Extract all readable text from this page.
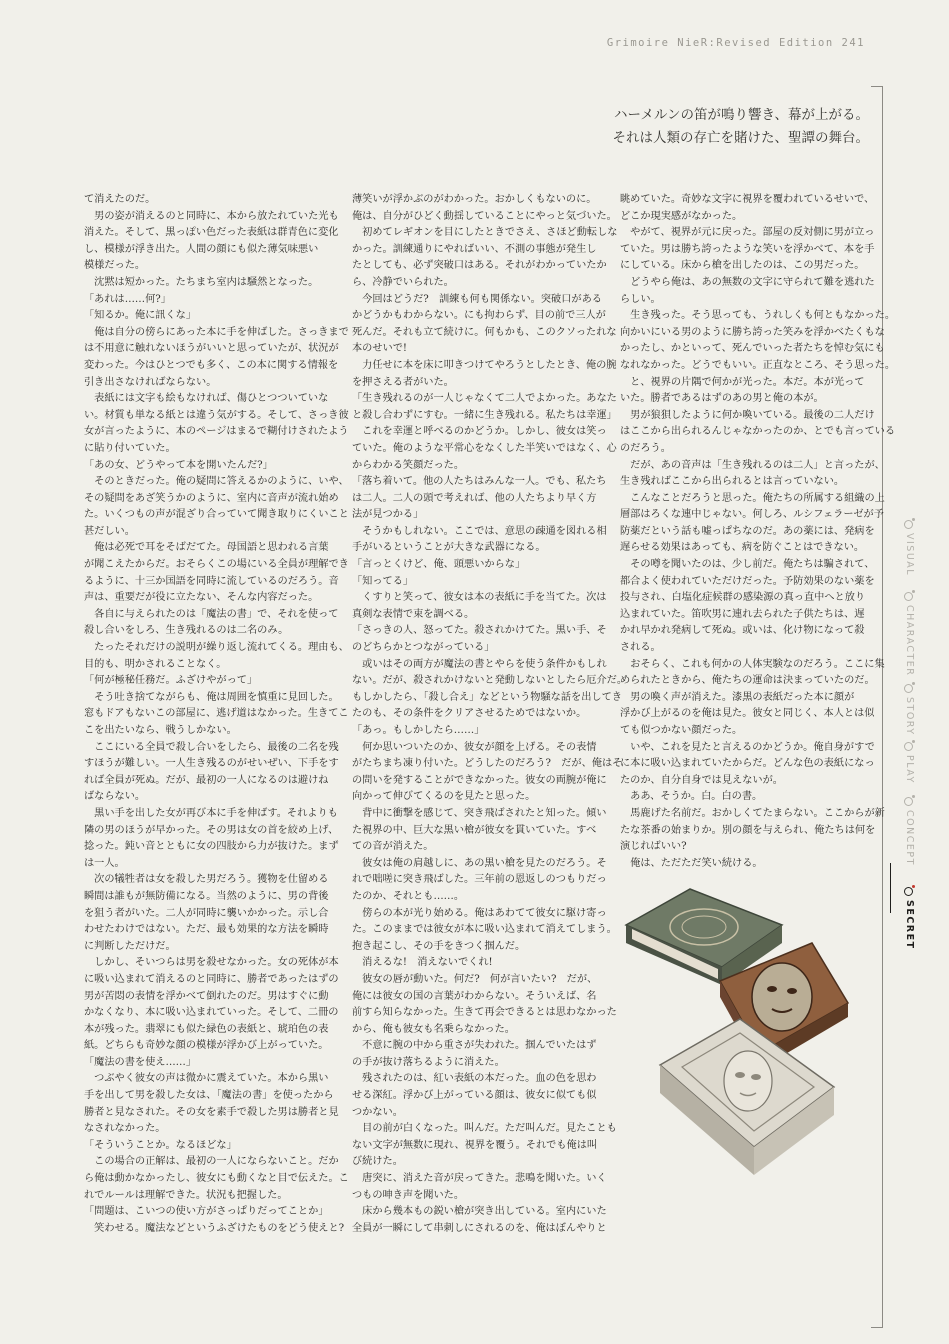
Grimoire NieR:Revised Edition 241
ハーメルンの笛が鳴り響き、幕が上がる。
それは人類の存亡を賭けた、聖譚の舞台。

て消えたのだ。

　男の姿が消えるのと同時に、本から放たれていた光も

消えた。そして、黒っぽい色だった表紙は群青色に変化

し、模様が浮き出た。人間の顔にも似た薄気味悪い

模様だった。

　沈黙は短かった。たちまち室内は騒然となった。

「あれは……何?」

「知るか。俺に訊くな」

　俺は自分の傍らにあった本に手を伸ばした。さっきまで

は不用意に触れないほうがいいと思っていたが、状況が

変わった。今はひとつでも多く、この本に関する情報を

引き出さなければならない。

　表紙には文字も絵もなければ、傷ひとつついていな

い。材質も単なる紙とは違う気がする。そして、さっき彼

女が言ったように、本のページはまるで糊付けされたよう

に貼り付いていた。

「あの女、どうやって本を開いたんだ?」

　そのときだった。俺の疑問に答えるかのように、いや、

その疑問をあざ笑うかのように、室内に音声が流れ始め

た。いくつもの声が混ざり合っていて聞き取りにくいこと

甚だしい。

　俺は必死で耳をそばだてた。母国語と思われる言葉

が聞こえたからだ。おそらくこの場にいる全員が理解でき

るように、十三か国語を同時に流しているのだろう。音

声は、重要だが役に立たない、そんな内容だった。

　各自に与えられたのは「魔法の書」で、それを使って

殺し合いをしろ、生き残れるのは二名のみ。

　たったそれだけの説明が繰り返し流れてくる。理由も、

目的も、明かされることなく。

「何が極秘任務だ。ふざけやがって」

　そう吐き捨てながらも、俺は周囲を慎重に見回した。

窓もドアもないこの部屋に、逃げ道はなかった。生きてこ

こを出たいなら、戦うしかない。

　ここにいる全員で殺し合いをしたら、最後の二名を残

すほうが難しい。一人生き残るのがせいぜい、下手をす

れば全員が死ぬ。だが、最初の一人になるのは避けね

ばならない。

　黒い手を出した女が再び本に手を伸ばす。それよりも

隣の男のほうが早かった。その男は女の首を絞め上げ、

捻った。鈍い音とともに女の四肢から力が抜けた。まず

は一人。

　次の犠牲者は女を殺した男だろう。獲物を仕留める

瞬間は誰もが無防備になる。当然のように、男の背後

を狙う者がいた。二人が同時に襲いかかった。示し合

わせたわけではない。ただ、最も効果的な方法を瞬時

に判断しただけだ。

　しかし、そいつらは男を殺せなかった。女の死体が本

に吸い込まれて消えるのと同時に、勝者であったはずの

男が苦悶の表情を浮かべて倒れたのだ。男はすぐに動

かなくなり、本に吸い込まれていった。そして、二冊の

本が残った。翡翠にも似た緑色の表紙と、琥珀色の表

紙。どちらも奇妙な顔の模様が浮かび上がっていた。

「魔法の書を使え……」

　つぶやく彼女の声は微かに震えていた。本から黒い

手を出して男を殺した女は、「魔法の書」を使ったから

勝者と見なされた。その女を素手で殺した男は勝者と見

なされなかった。

「そういうことか。なるほどな」

　この場合の正解は、最初の一人にならないこと。だか

ら俺は動かなかったし、彼女にも動くなと目で伝えた。こ

れでルールは理解できた。状況も把握した。

「問題は、こいつの使い方がさっぱりだってことか」

　笑わせる。魔法などというふざけたものをどう使えと?

薄笑いが浮かぶのがわかった。おかしくもないのに。

俺は、自分がひどく動揺していることにやっと気づいた。

　初めてレギオンを目にしたときでさえ、さほど動転しな

かった。訓練通りにやればいい、不測の事態が発生し

たとしても、必ず突破口はある。それがわかっていたか

ら、冷静でいられた。

　今回はどうだ?　訓練も何も関係ない。突破口がある

かどうかもわからない。にも拘わらず、目の前で三人が

死んだ。それも立て続けに。何もかも、このクソったれな

本のせいで!

　力任せに本を床に叩きつけてやろうとしたとき、俺の腕

を押さえる者がいた。

「生き残れるのが一人じゃなくて二人でよかった。あなた

と殺し合わずにすむ。一緒に生き残れる。私たちは幸運」

　これを幸運と呼べるのかどうか。しかし、彼女は笑っ

ていた。俺のような平常心をなくした半笑いではなく、心

からわかる笑顔だった。

「落ち着いて。他の人たちはみんな一人。でも、私たち

は二人。二人の頭で考えれば、他の人たちより早く方

法が見つかる」

　そうかもしれない。ここでは、意思の疎通を図れる相

手がいるということが大きな武器になる。

「言っとくけど、俺、頭悪いからな」

「知ってる」

　くすりと笑って、彼女は本の表紙に手を当てた。次は

真剣な表情で束を調べる。

「さっきの人、怒ってた。殺されかけてた。黒い手、そ

のどちらかとつながっている」

　或いはその両方が魔法の書とやらを使う条件かもしれ

ない。だが、殺されかけないと発動しないとしたら厄介だ。

もしかしたら、「殺し合え」などという物騒な話を出してき

たのも、その条件をクリアさせるためではないか。

「あっ。もしかしたら……」

　何か思いついたのか、彼女が顔を上げる。その表情

がたちまち凍り付いた。どうしたのだろう?　だが、俺はそ

の問いを発することができなかった。彼女の両腕が俺に

向かって伸びてくるのを見たと思った。

　背中に衝撃を感じて、突き飛ばされたと知った。傾い

た視界の中、巨大な黒い槍が彼女を貫いていた。すべ

ての音が消えた。

　彼女は俺の肩越しに、あの黒い槍を見たのだろう。そ

れで咄嗟に突き飛ばした。三年前の恩返しのつもりだっ

たのか、それとも……。

　傍らの本が光り始める。俺はあわてて彼女に駆け寄っ

た。このままでは彼女が本に吸い込まれて消えてしまう。

抱き起こし、その手をきつく掴んだ。

　消えるな!　消えないでくれ!

　彼女の唇が動いた。何だ?　何が言いたい?　だが、

俺には彼女の国の言葉がわからない。そういえば、名

前すら知らなかった。生きて再会できるとは思わなかった

から、俺も彼女も名乗らなかった。

　不意に腕の中から重さが失われた。掴んでいたはず

の手が抜け落ちるように消えた。

　残されたのは、紅い表紙の本だった。血の色を思わ

せる深紅。浮かび上がっている顔は、彼女に似ても似

つかない。

　目の前が白くなった。叫んだ。ただ叫んだ。見たことも

ない文字が無数に現れ、視界を覆う。それでも俺は叫

び続けた。

　唐突に、消えた音が戻ってきた。悲鳴を聞いた。いく

つもの呻き声を聞いた。

　床から幾本もの鋭い槍が突き出している。室内にいた

全員が一瞬にして串刺しにされるのを、俺はぼんやりと

眺めていた。奇妙な文字に視界を覆われているせいで、

どこか現実感がなかった。

　やがて、視界が元に戻った。部屋の反対側に男が立っ

ていた。男は勝ち誇ったような笑いを浮かべて、本を手

にしている。床から槍を出したのは、この男だった。

　どうやら俺は、あの無数の文字に守られて難を逃れた

らしい。

　生き残った。そう思っても、うれしくも何ともなかった。

向かいにいる男のように勝ち誇った笑みを浮かべたくもな

かったし、かといって、死んでいった者たちを悼む気にも

なれなかった。どうでもいい。正直なところ、そう思った。

　と、視界の片隅で何かが光った。本だ。本が光って

いた。勝者であるはずのあの男と俺の本が。

　男が狼狽したように何か喚いている。最後の二人だけ

はここから出られるんじゃなかったのか、とでも言っている

のだろう。

　だが、あの音声は「生き残れるのは二人」と言ったが、

生き残ればここから出られるとは言っていない。

　こんなことだろうと思った。俺たちの所属する組織の上

層部はろくな連中じゃない。何しろ、ルシフェラーゼが予

防薬だという話も嘘っぱちなのだ。あの薬には、発病を

遅らせる効果はあっても、病を防ぐことはできない。

　その噂を聞いたのは、少し前だ。俺たちは騙されて、

都合よく使われていただけだった。予防効果のない薬を

投与され、白塩化症候群の感染源の真っ直中へと放り

込まれていた。笛吹男に連れ去られた子供たちは、遅

かれ早かれ発病して死ぬ。或いは、化け物になって殺

される。

　おそらく、これも何かの人体実験なのだろう。ここに集

められたときから、俺たちの運命は決まっていたのだ。

　男の喚く声が消えた。漆黒の表紙だった本に顔が

浮かび上がるのを俺は見た。彼女と同じく、本人とは似

ても似つかない顔だった。

　いや、これを見たと言えるのかどうか。俺自身がすで

に本に吸い込まれていたからだ。どんな色の表紙になっ

たのか、自分自身では見えないが。

　ああ、そうか。白。白の書。

　馬鹿げた名前だ。おかしくてたまらない。ここからが新

たな茶番の始まりか。別の顔を与えられ、俺たちは何を

演じればいい?

　俺は、ただただ笑い続ける。

VISUAL
CHARACTER
STORY
PLAY
CONCEPT
SECRET
